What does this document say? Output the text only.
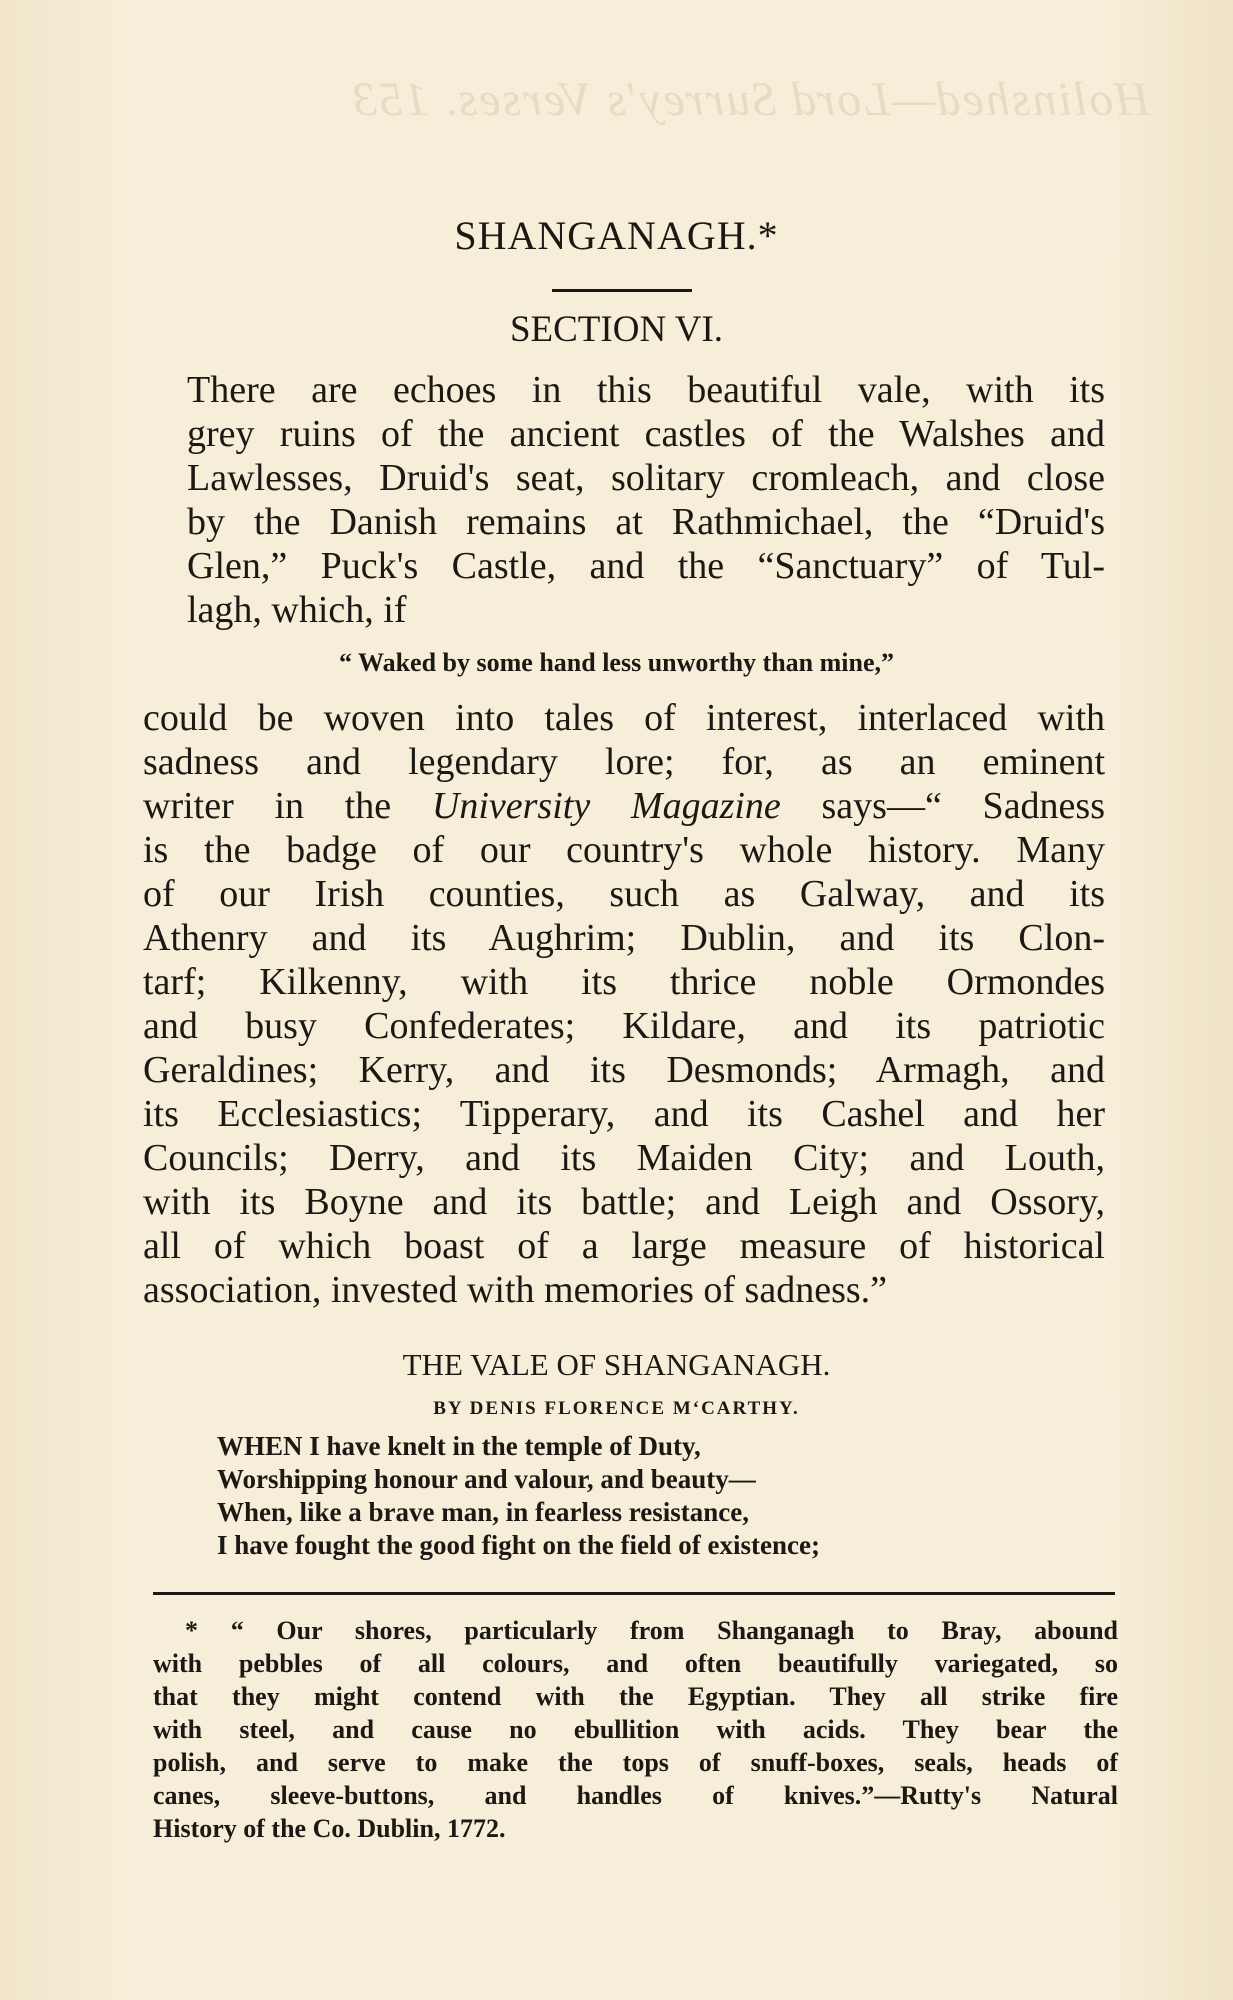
Holinshed—Lord Surrey's Verses. 153
SHANGANAGH.*
SECTION VI.
There are echoes in this beautiful vale, with its
grey ruins of the ancient castles of the Walshes and
Lawlesses, Druid's seat, solitary cromleach, and close
by the Danish remains at Rathmichael, the “Druid's
Glen,” Puck's Castle, and the “Sanctuary” of Tul-
lagh, which, if
“ Waked by some hand less unworthy than mine,”
could be woven into tales of interest, interlaced with
sadness and legendary lore; for, as an eminent
writer in the University Magazine says—“ Sadness
is the badge of our country's whole history. Many
of our Irish counties, such as Galway, and its
Athenry and its Aughrim; Dublin, and its Clon-
tarf; Kilkenny, with its thrice noble Ormondes
and busy Confederates; Kildare, and its patriotic
Geraldines; Kerry, and its Desmonds; Armagh, and
its Ecclesiastics; Tipperary, and its Cashel and her
Councils; Derry, and its Maiden City; and Louth,
with its Boyne and its battle; and Leigh and Ossory,
all of which boast of a large measure of historical
association, invested with memories of sadness.”
THE VALE OF SHANGANAGH.
BY DENIS FLORENCE M‘CARTHY.
WHEN I have knelt in the temple of Duty,
Worshipping honour and valour, and beauty—
When, like a brave man, in fearless resistance,
I have fought the good fight on the field of existence;
* “ Our shores, particularly from Shanganagh to Bray, abound
with pebbles of all colours, and often beautifully variegated, so
that they might contend with the Egyptian. They all strike fire
with steel, and cause no ebullition with acids. They bear the
polish, and serve to make the tops of snuff-boxes, seals, heads of
canes, sleeve-buttons, and handles of knives.”—Rutty's Natural
History of the Co. Dublin, 1772.
